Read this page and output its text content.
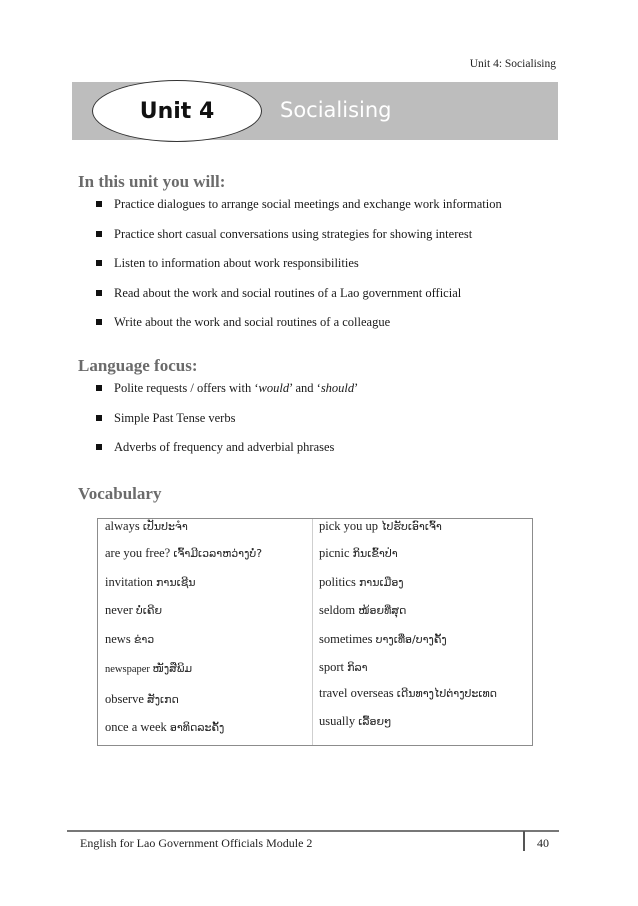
Unit 4: Socialising
Unit 4	Socialising
In this unit you will:
Practice dialogues to arrange social meetings and exchange work information
Practice short casual conversations using strategies for showing interest
Listen to information about work responsibilities
Read about the work and social routines of a Lao government official
Write about the work and social routines of a colleague
Language focus:
Polite requests / offers with ‘would’ and ‘should’
Simple Past Tense verbs
Adverbs of frequency and adverbial phrases
Vocabulary
always ເປັນປະຈຳ
are you free? ເຈົ້າມີເວລາຫວ່າງບໍ່?
invitation ການເຊີນ
never ບໍ່ເຄີຍ
news ຂ່າວ
newspaper ໜັງສືພິມ
observe ສັງເກດ
once a week ອາທິດລະຄັ້ງ
pick you up ໄປຮັບເອົາເຈົ້າ
picnic ກິນເຂົ້າປ່າ
politics ການເມືອງ
seldom ໜ້ອຍທີ່ສຸດ
sometimes ບາງເທື່ອ/ບາງຄັ້ງ
sport ກິລາ
travel overseas ເດີນທາງໄປຕ່າງປະເທດ
usually ເລື້ອຍໆ
English for Lao Government Officials Module 2	40
